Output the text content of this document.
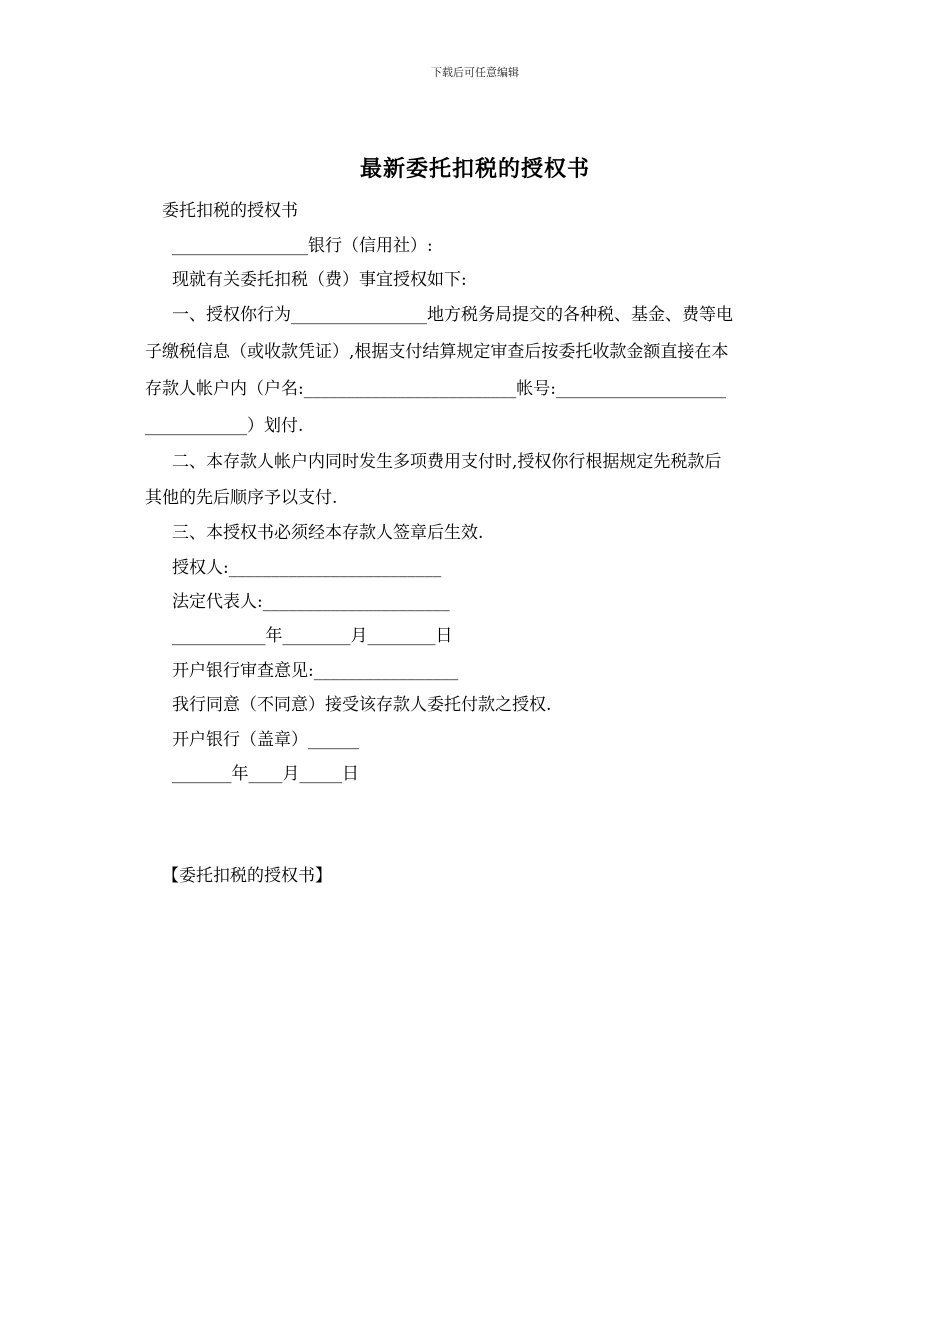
下载后可任意编辑
最新委托扣税的授权书
委托扣税的授权书
________________银行（信用社）:
现就有关委托扣税（费）事宜授权如下:
一、授权你行为________________地方税务局提交的各种税、基金、费等电
子缴税信息（或收款凭证）,根据支付结算规定审查后按委托收款金额直接在本
存款人帐户内（户名:_________________________帐号:____________________
____________）划付.
二、本存款人帐户内同时发生多项费用支付时,授权你行根据规定先税款后
其他的先后顺序予以支付.
三、本授权书必须经本存款人签章后生效.
授权人:_________________________
法定代表人:______________________
___________年________月________日
开户银行审查意见:_________________
我行同意（不同意）接受该存款人委托付款之授权.
开户银行（盖章）______
_______年____月_____日
【委托扣税的授权书】
